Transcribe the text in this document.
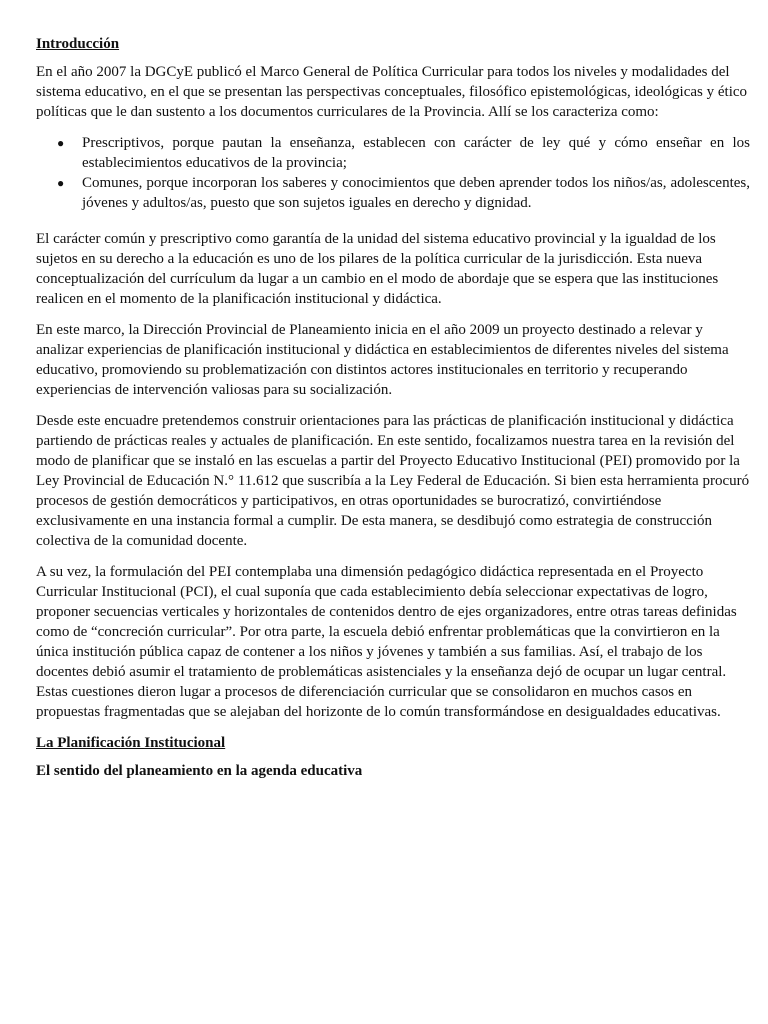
Introducción

En el año 2007 la DGCyE publicó el Marco General de Política Curricular para todos los niveles y modalidades del sistema educativo, en el que se presentan las perspectivas conceptuales, filosófico epistemológicas, ideológicas y ético políticas que le dan sustento a los documentos curriculares de la Provincia. Allí se los caracteriza como:

● Prescriptivos, porque pautan la enseñanza, establecen con carácter de ley qué y cómo enseñar en los establecimientos educativos de la provincia;
● Comunes, porque incorporan los saberes y conocimientos que deben aprender todos los niños/as, adolescentes, jóvenes y adultos/as, puesto que son sujetos iguales en derecho y dignidad.

El carácter común y prescriptivo como garantía de la unidad del sistema educativo provincial y la igualdad de los sujetos en su derecho a la educación es uno de los pilares de la política curricular de la jurisdicción. Esta nueva conceptualización del currículum da lugar a un cambio en el modo de abordaje que se espera que las instituciones realicen en el momento de la planificación institucional y didáctica.

En este marco, la Dirección Provincial de Planeamiento inicia en el año 2009 un proyecto destinado a relevar y analizar experiencias de planificación institucional y didáctica en establecimientos de diferentes niveles del sistema educativo, promoviendo su problematización con distintos actores institucionales en territorio y recuperando experiencias de intervención valiosas para su socialización.

Desde este encuadre pretendemos construir orientaciones para las prácticas de planificación institucional y didáctica partiendo de prácticas reales y actuales de planificación. En este sentido, focalizamos nuestra tarea en la revisión del modo de planificar que se instaló en las escuelas a partir del Proyecto Educativo Institucional (PEI) promovido por la Ley Provincial de Educación N.° 11.612 que suscribía a la Ley Federal de Educación. Si bien esta herramienta procuró procesos de gestión democráticos y participativos, en otras oportunidades se burocratizó, convirtiéndose exclusivamente en una instancia formal a cumplir. De esta manera, se desdibujó como estrategia de construcción colectiva de la comunidad docente.

A su vez, la formulación del PEI contemplaba una dimensión pedagógico didáctica representada en el Proyecto Curricular Institucional (PCI), el cual suponía que cada establecimiento debía seleccionar expectativas de logro, proponer secuencias verticales y horizontales de contenidos dentro de ejes organizadores, entre otras tareas definidas como de “concreción curricular”. Por otra parte, la escuela debió enfrentar problemáticas que la convirtieron en la única institución pública capaz de contener a los niños y jóvenes y también a sus familias. Así, el trabajo de los docentes debió asumir el tratamiento de problemáticas asistenciales y la enseñanza dejó de ocupar un lugar central. Estas cuestiones dieron lugar a procesos de diferenciación curricular que se consolidaron en muchos casos en propuestas fragmentadas que se alejaban del horizonte de lo común transformándose en desigualdades educativas.

La Planificación Institucional
El sentido del planeamiento en la agenda educativa
